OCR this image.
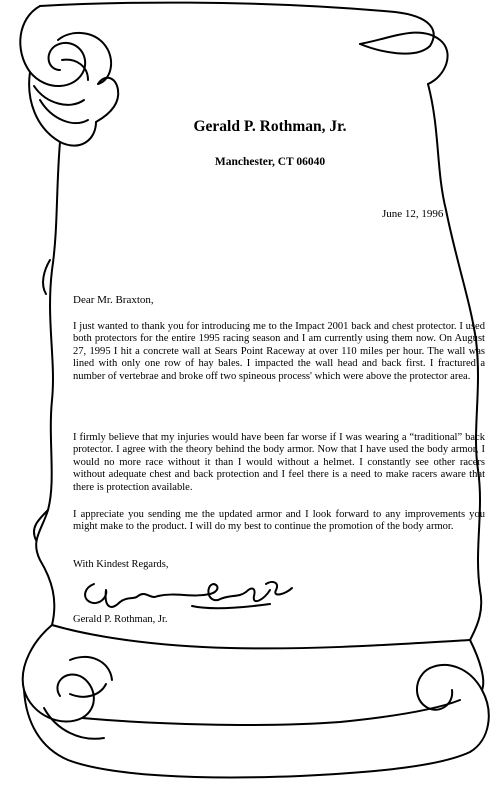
Gerald P. Rothman, Jr.
Manchester, CT 06040
June 12, 1996
Dear Mr. Braxton,
I just wanted to thank you for introducing me to the Impact 2001 back and chest protector. I used both protectors for the entire 1995 racing season and I am currently using them now. On August 27, 1995 I hit a concrete wall at Sears Point Raceway at over 110 miles per hour. The wall was lined with only one row of hay bales. I impacted the wall head and back first. I fractured a number of vertebrae and broke off two spineous process' which were above the protector area.
I firmly believe that my injuries would have been far worse if I was wearing a “traditional” back protector. I agree with the theory behind the body armor. Now that I have used the body armor, I would no more race without it than I would without a helmet. I constantly see other racers without adequate chest and back protection and I feel there is a need to make racers aware that there is protection available.
I appreciate you sending me the updated armor and I look forward to any improvements you might make to the product. I will do my best to continue the promotion of the body armor.
With Kindest Regards,
Gerald P. Rothman, Jr.
